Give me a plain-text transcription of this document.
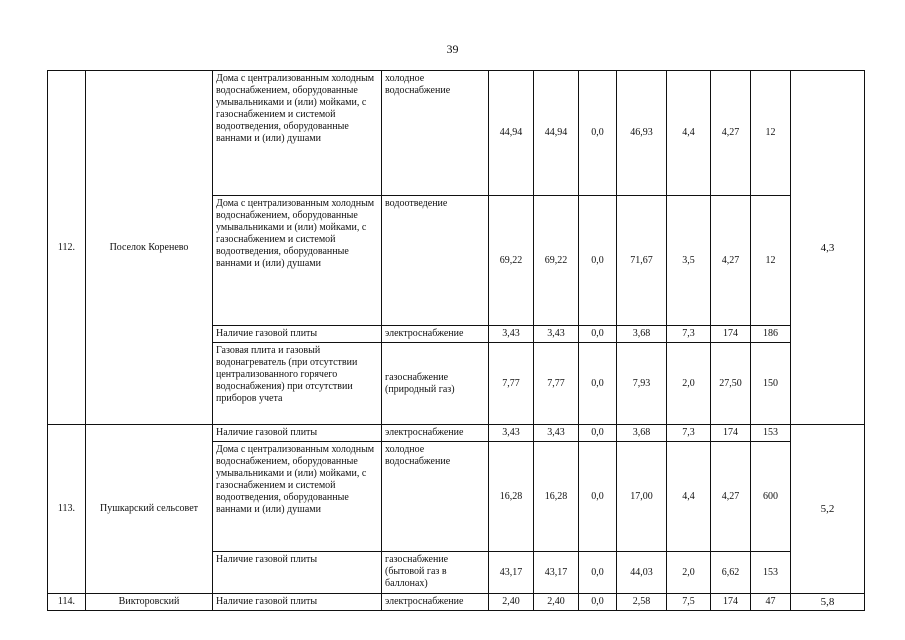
39
112.	Поселок Коренево	Дома с централизованным холодным водоснабжением, оборудованные умывальниками и (или) мойками, с газоснабжением и системой водоотведения, оборудованные ваннами и (или) душами	холодное водоснабжение	44,94	44,94	0,0	46,93	4,4	4,27	12	4,3
		Дома с централизованным холодным водоснабжением, оборудованные умывальниками и (или) мойками, с газоснабжением и системой водоотведения, оборудованные ваннами и (или) душами	водоотведение	69,22	69,22	0,0	71,67	3,5	4,27	12	
		Наличие газовой плиты	электроснабжение	3,43	3,43	0,0	3,68	7,3	174	186	
		Газовая плита и газовый водонагреватель (при отсутствии централизованного горячего водоснабжения) при отсутствии приборов учета	газоснабжение (природный газ)	7,77	7,77	0,0	7,93	2,0	27,50	150	
113.	Пушкарский сельсовет	Наличие газовой плиты	электроснабжение	3,43	3,43	0,0	3,68	7,3	174	153	5,2
		Дома с централизованным холодным водоснабжением, оборудованные умывальниками и (или) мойками, с газоснабжением и системой водоотведения, оборудованные ваннами и (или) душами	холодное водоснабжение	16,28	16,28	0,0	17,00	4,4	4,27	600	
		Наличие газовой плиты	газоснабжение (бытовой газ в баллонах)	43,17	43,17	0,0	44,03	2,0	6,62	153	
114.	Викторовский	Наличие газовой плиты	электроснабжение	2,40	2,40	0,0	2,58	7,5	174	47	5,8
